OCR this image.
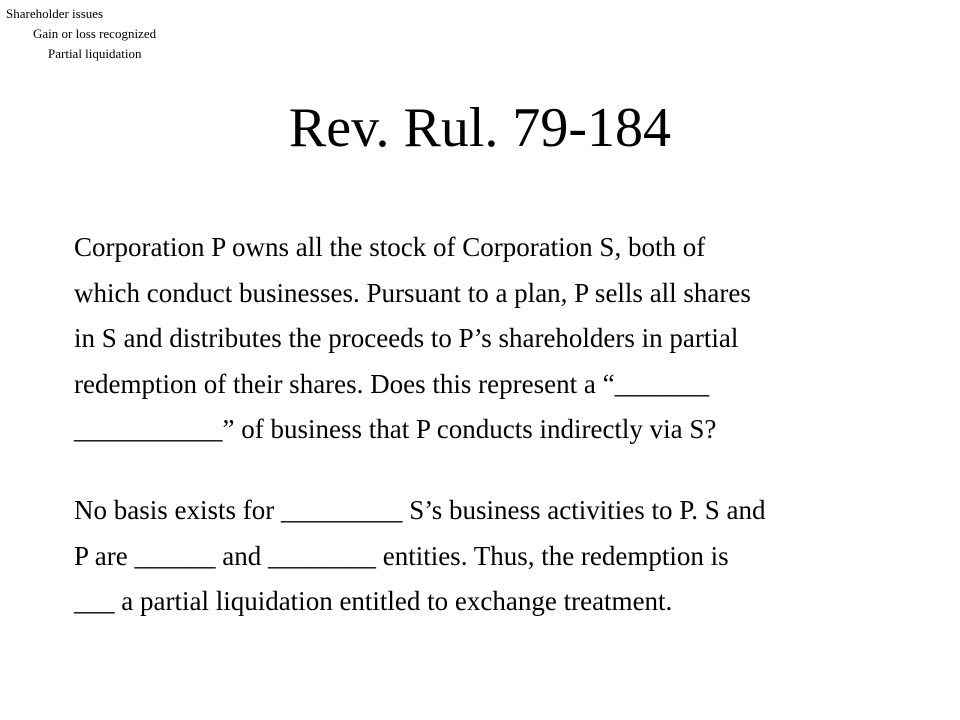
Shareholder issues
Gain or loss recognized
Partial liquidation
Rev. Rul. 79-184
Corporation P owns all the stock of Corporation S, both of
which conduct businesses. Pursuant to a plan, P sells all shares
in S and distributes the proceeds to P’s shareholders in partial
redemption of their shares. Does this represent a “_______
___________” of business that P conducts indirectly via S?
No basis exists for _________ S’s business activities to P. S and
P are ______ and ________ entities. Thus, the redemption is
___ a partial liquidation entitled to exchange treatment.
